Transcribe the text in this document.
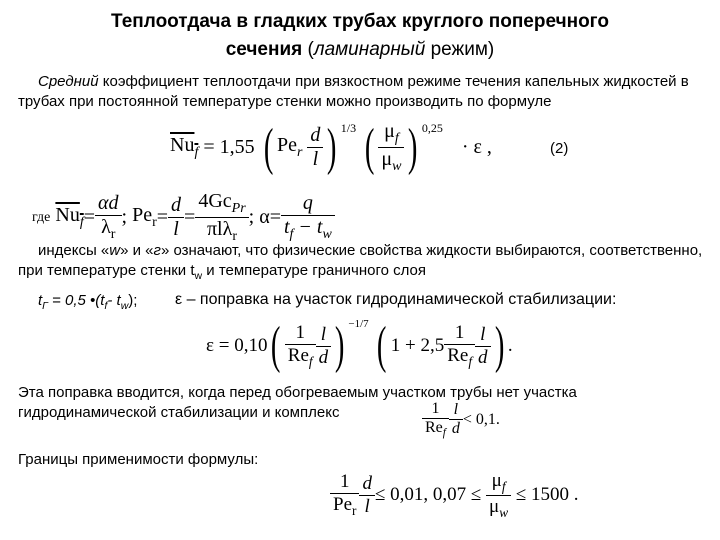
Теплоотдача в гладких трубах круглого поперечного
сечения (ламинарный режим)
Средний коэффициент теплоотдачи при вязкостном режиме течения капельных жидкостей в трубах при постоянной температуре стенки можно производить по формуле
$Nu_f = 1,55$ ( $Pe_r \frac{d}{l}$ ) 1/3 ( $\frac{\mu_f}{\mu_w}$ ) 0,25 · ε ,	(2)
где $Nu_f= \frac{\alpha d}{\lambda_r}$ ; $Pe_r= \frac{d}{l} = \frac{4Gc_{Pr}}{\pi l\lambda_r}$ ; $\alpha= \frac{q}{t_f - t_w}$
индексы «w» и «г» означают, что физические свойства жидкости выбираются, соответственно, при температуре стенки $t_w$ и температуре граничного слоя
$t_Г = 0,5$ $•(t_f-$ $t_w$); ε – поправка на участок гидродинамической стабилизации:
$\varepsilon = 0,10( \frac{1}{Re_f} \frac{l}{d}$ ) −1/7 ( $1 + 2,5 \frac{1}{Re_f} \frac{l}{d}$ ) .
Эта поправка вводится, когда перед обогреваемым участком трубы нет участка гидродинамической стабилизации и комплекс	$\frac{1}{Re_f} \frac{l}{d} < 0,1$.
Границы применимости формулы:
$\frac{1}{Pe_r} \frac{d}{l} \le 0,01$, $0,07 \le \frac{\mu_f}{\mu_w} \le 1500$ .
